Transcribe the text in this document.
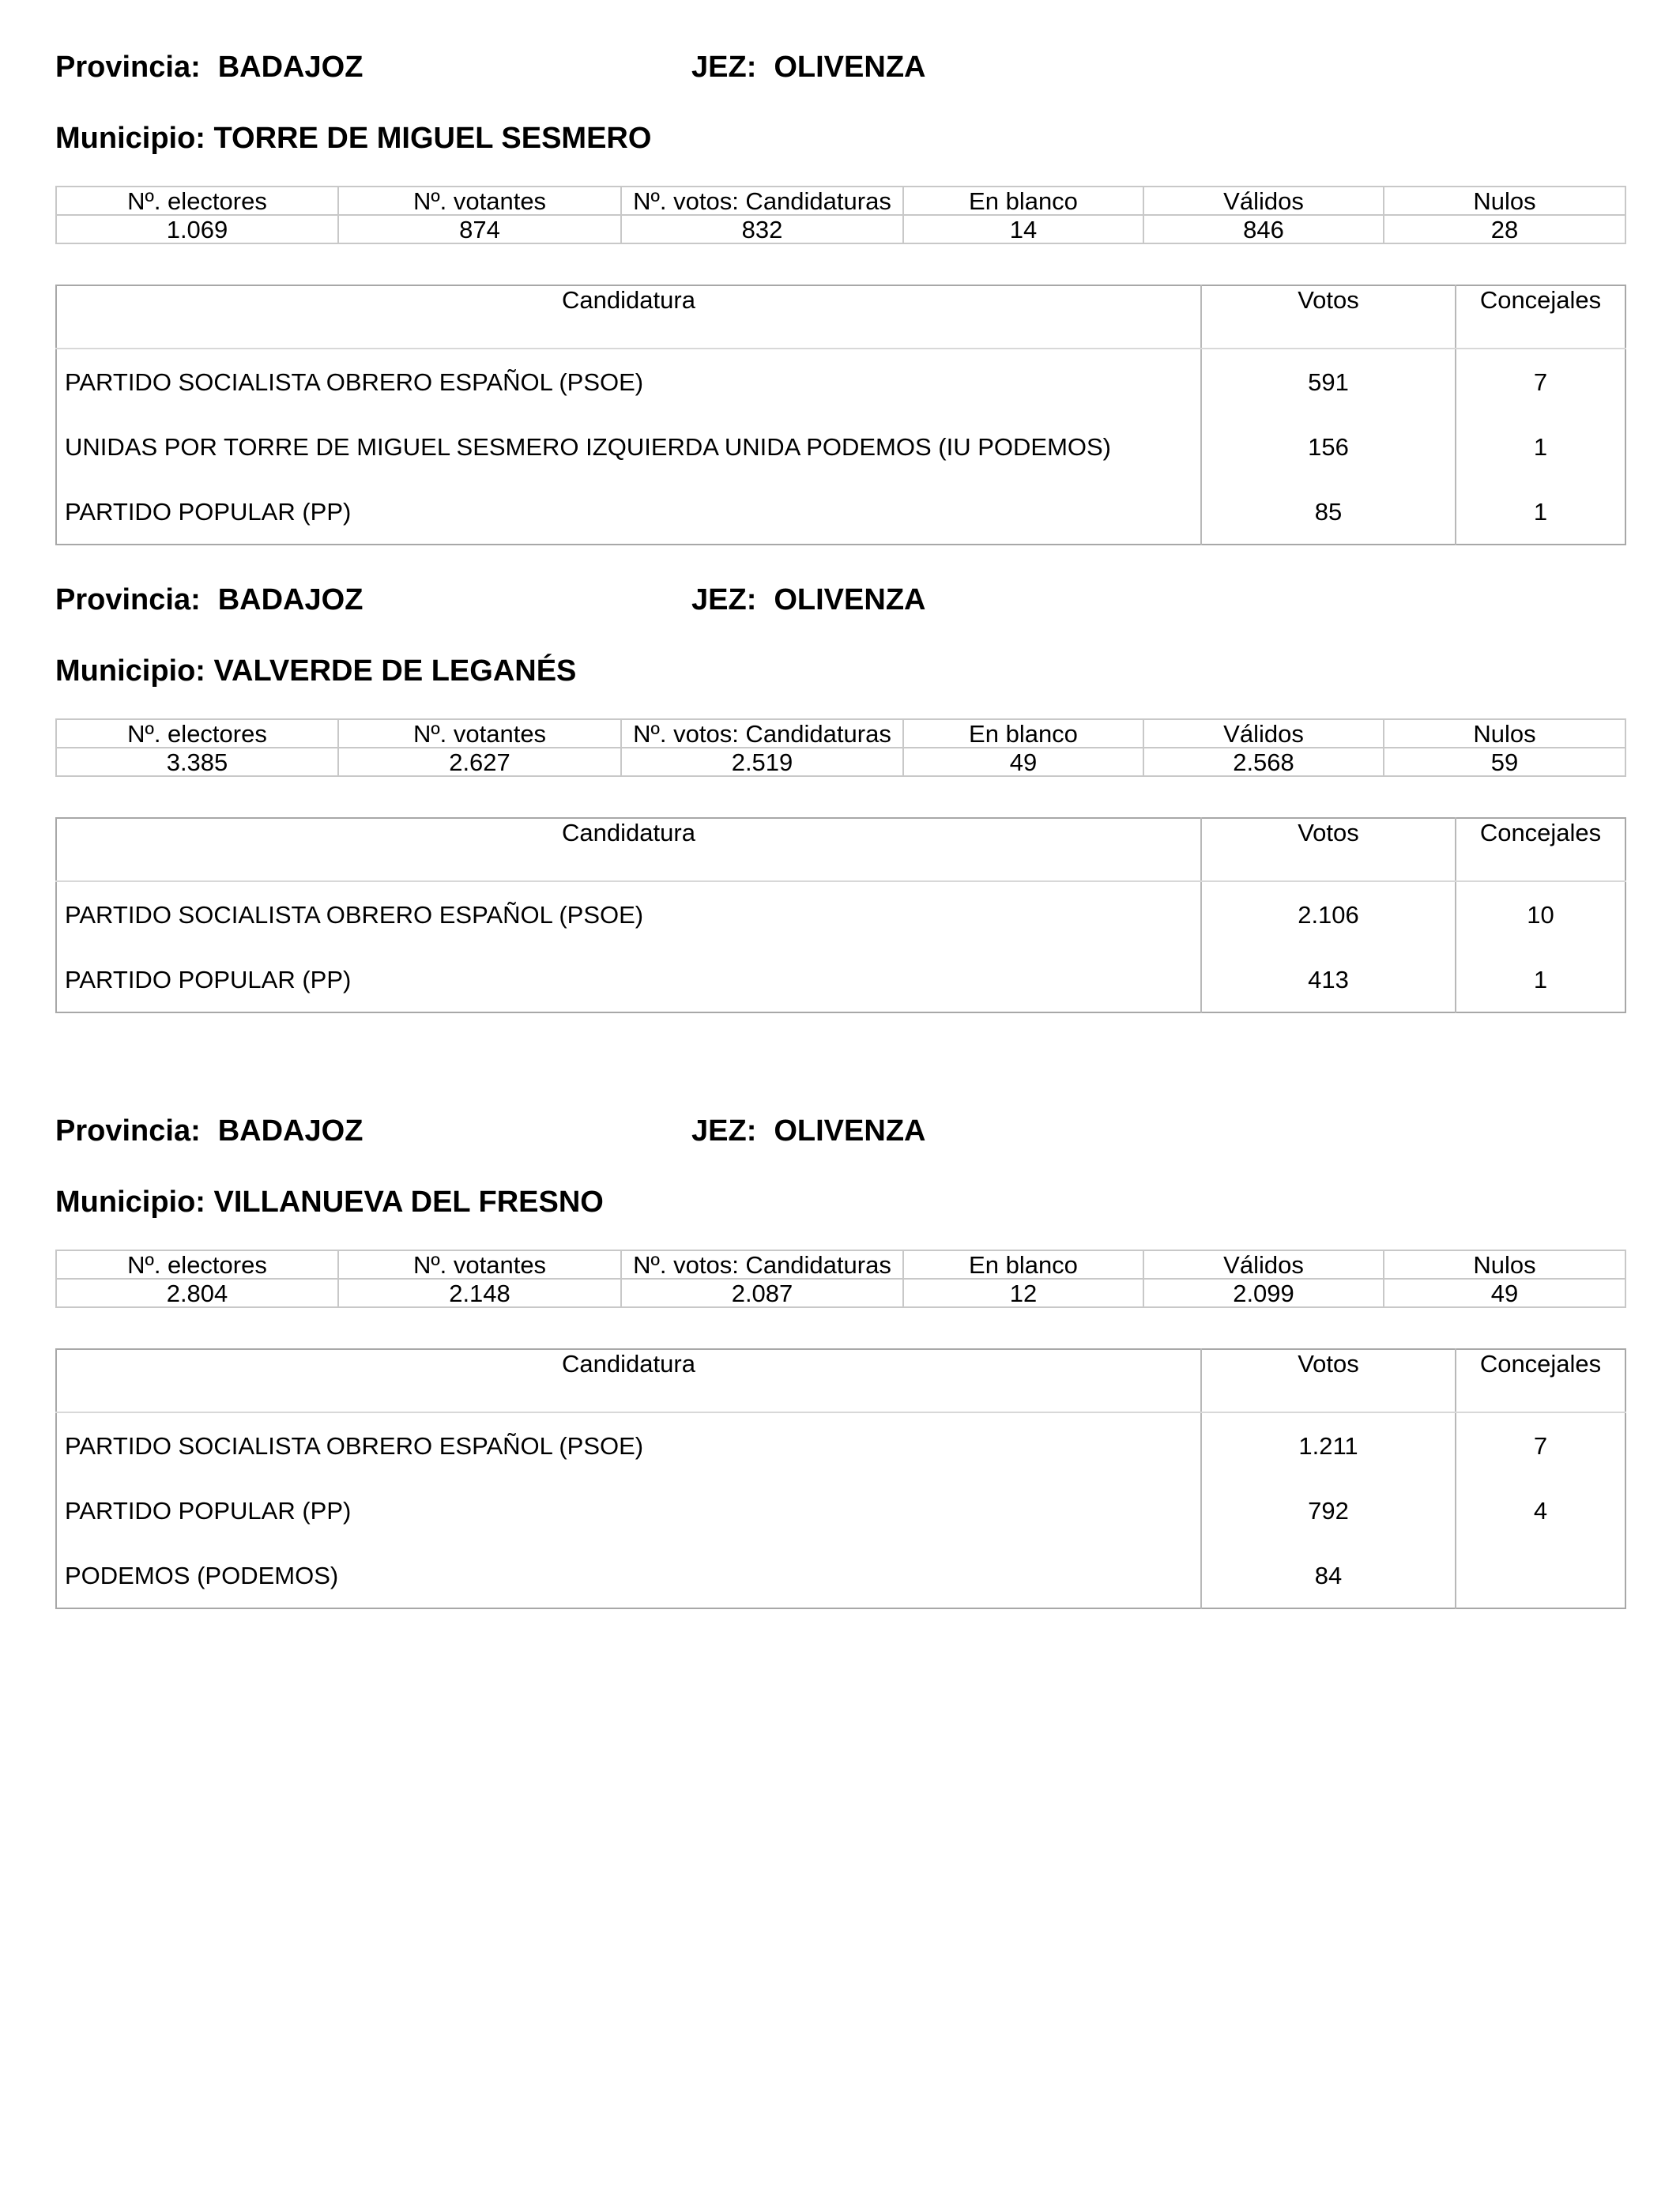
Provincia: BADAJOZ	JEZ: OLIVENZA
Municipio: TORRE DE MIGUEL SESMERO
Nº. electores	Nº. votantes	Nº. votos: Candidaturas	En blanco	Válidos	Nulos
1.069	874	832	14	846	28
Candidatura	Votos	Concejales
PARTIDO SOCIALISTA OBRERO ESPAÑOL (PSOE)	591	7
UNIDAS POR TORRE DE MIGUEL SESMERO IZQUIERDA UNIDA PODEMOS (IU PODEMOS)	156	1
PARTIDO POPULAR (PP)	85	1
Provincia: BADAJOZ	JEZ: OLIVENZA
Municipio: VALVERDE DE LEGANÉS
Nº. electores	Nº. votantes	Nº. votos: Candidaturas	En blanco	Válidos	Nulos
3.385	2.627	2.519	49	2.568	59
Candidatura	Votos	Concejales
PARTIDO SOCIALISTA OBRERO ESPAÑOL (PSOE)	2.106	10
PARTIDO POPULAR (PP)	413	1
Provincia: BADAJOZ	JEZ: OLIVENZA
Municipio: VILLANUEVA DEL FRESNO
Nº. electores	Nº. votantes	Nº. votos: Candidaturas	En blanco	Válidos	Nulos
2.804	2.148	2.087	12	2.099	49
Candidatura	Votos	Concejales
PARTIDO SOCIALISTA OBRERO ESPAÑOL (PSOE)	1.211	7
PARTIDO POPULAR (PP)	792	4
PODEMOS (PODEMOS)	84	
